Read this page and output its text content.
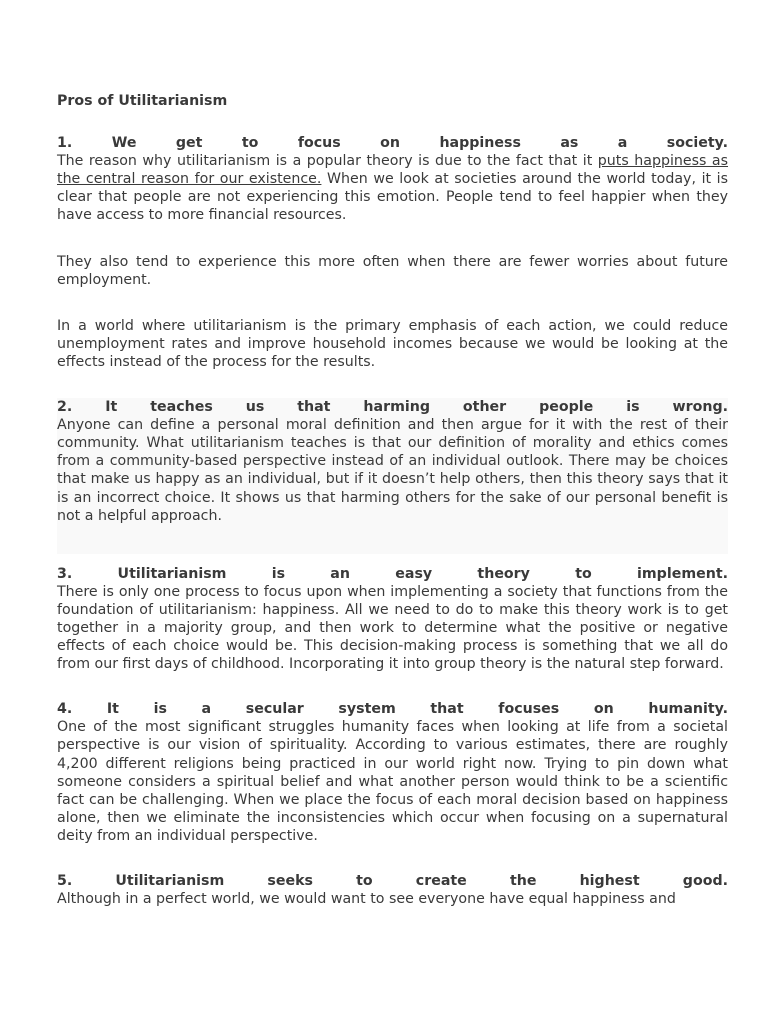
Pros of Utilitarianism

1. We get to focus on happiness as a society.
The reason why utilitarianism is a popular theory is due to the fact that it puts happiness as the central reason for our existence. When we look at societies around the world today, it is clear that people are not experiencing this emotion. People tend to feel happier when they have access to more financial resources.

They also tend to experience this more often when there are fewer worries about future employment.

In a world where utilitarianism is the primary emphasis of each action, we could reduce unemployment rates and improve household incomes because we would be looking at the effects instead of the process for the results.

2. It teaches us that harming other people is wrong.
Anyone can define a personal moral definition and then argue for it with the rest of their community. What utilitarianism teaches is that our definition of morality and ethics comes from a community-based perspective instead of an individual outlook. There may be choices that make us happy as an individual, but if it doesn’t help others, then this theory says that it is an incorrect choice. It shows us that harming others for the sake of our personal benefit is not a helpful approach.

3. Utilitarianism is an easy theory to implement.
There is only one process to focus upon when implementing a society that functions from the foundation of utilitarianism: happiness. All we need to do to make this theory work is to get together in a majority group, and then work to determine what the positive or negative effects of each choice would be. This decision-making process is something that we all do from our first days of childhood. Incorporating it into group theory is the natural step forward.

4. It is a secular system that focuses on humanity.
One of the most significant struggles humanity faces when looking at life from a societal perspective is our vision of spirituality. According to various estimates, there are roughly 4,200 different religions being practiced in our world right now. Trying to pin down what someone considers a spiritual belief and what another person would think to be a scientific fact can be challenging. When we place the focus of each moral decision based on happiness alone, then we eliminate the inconsistencies which occur when focusing on a supernatural deity from an individual perspective.

5. Utilitarianism seeks to create the highest good.
Although in a perfect world, we would want to see everyone have equal happiness and
